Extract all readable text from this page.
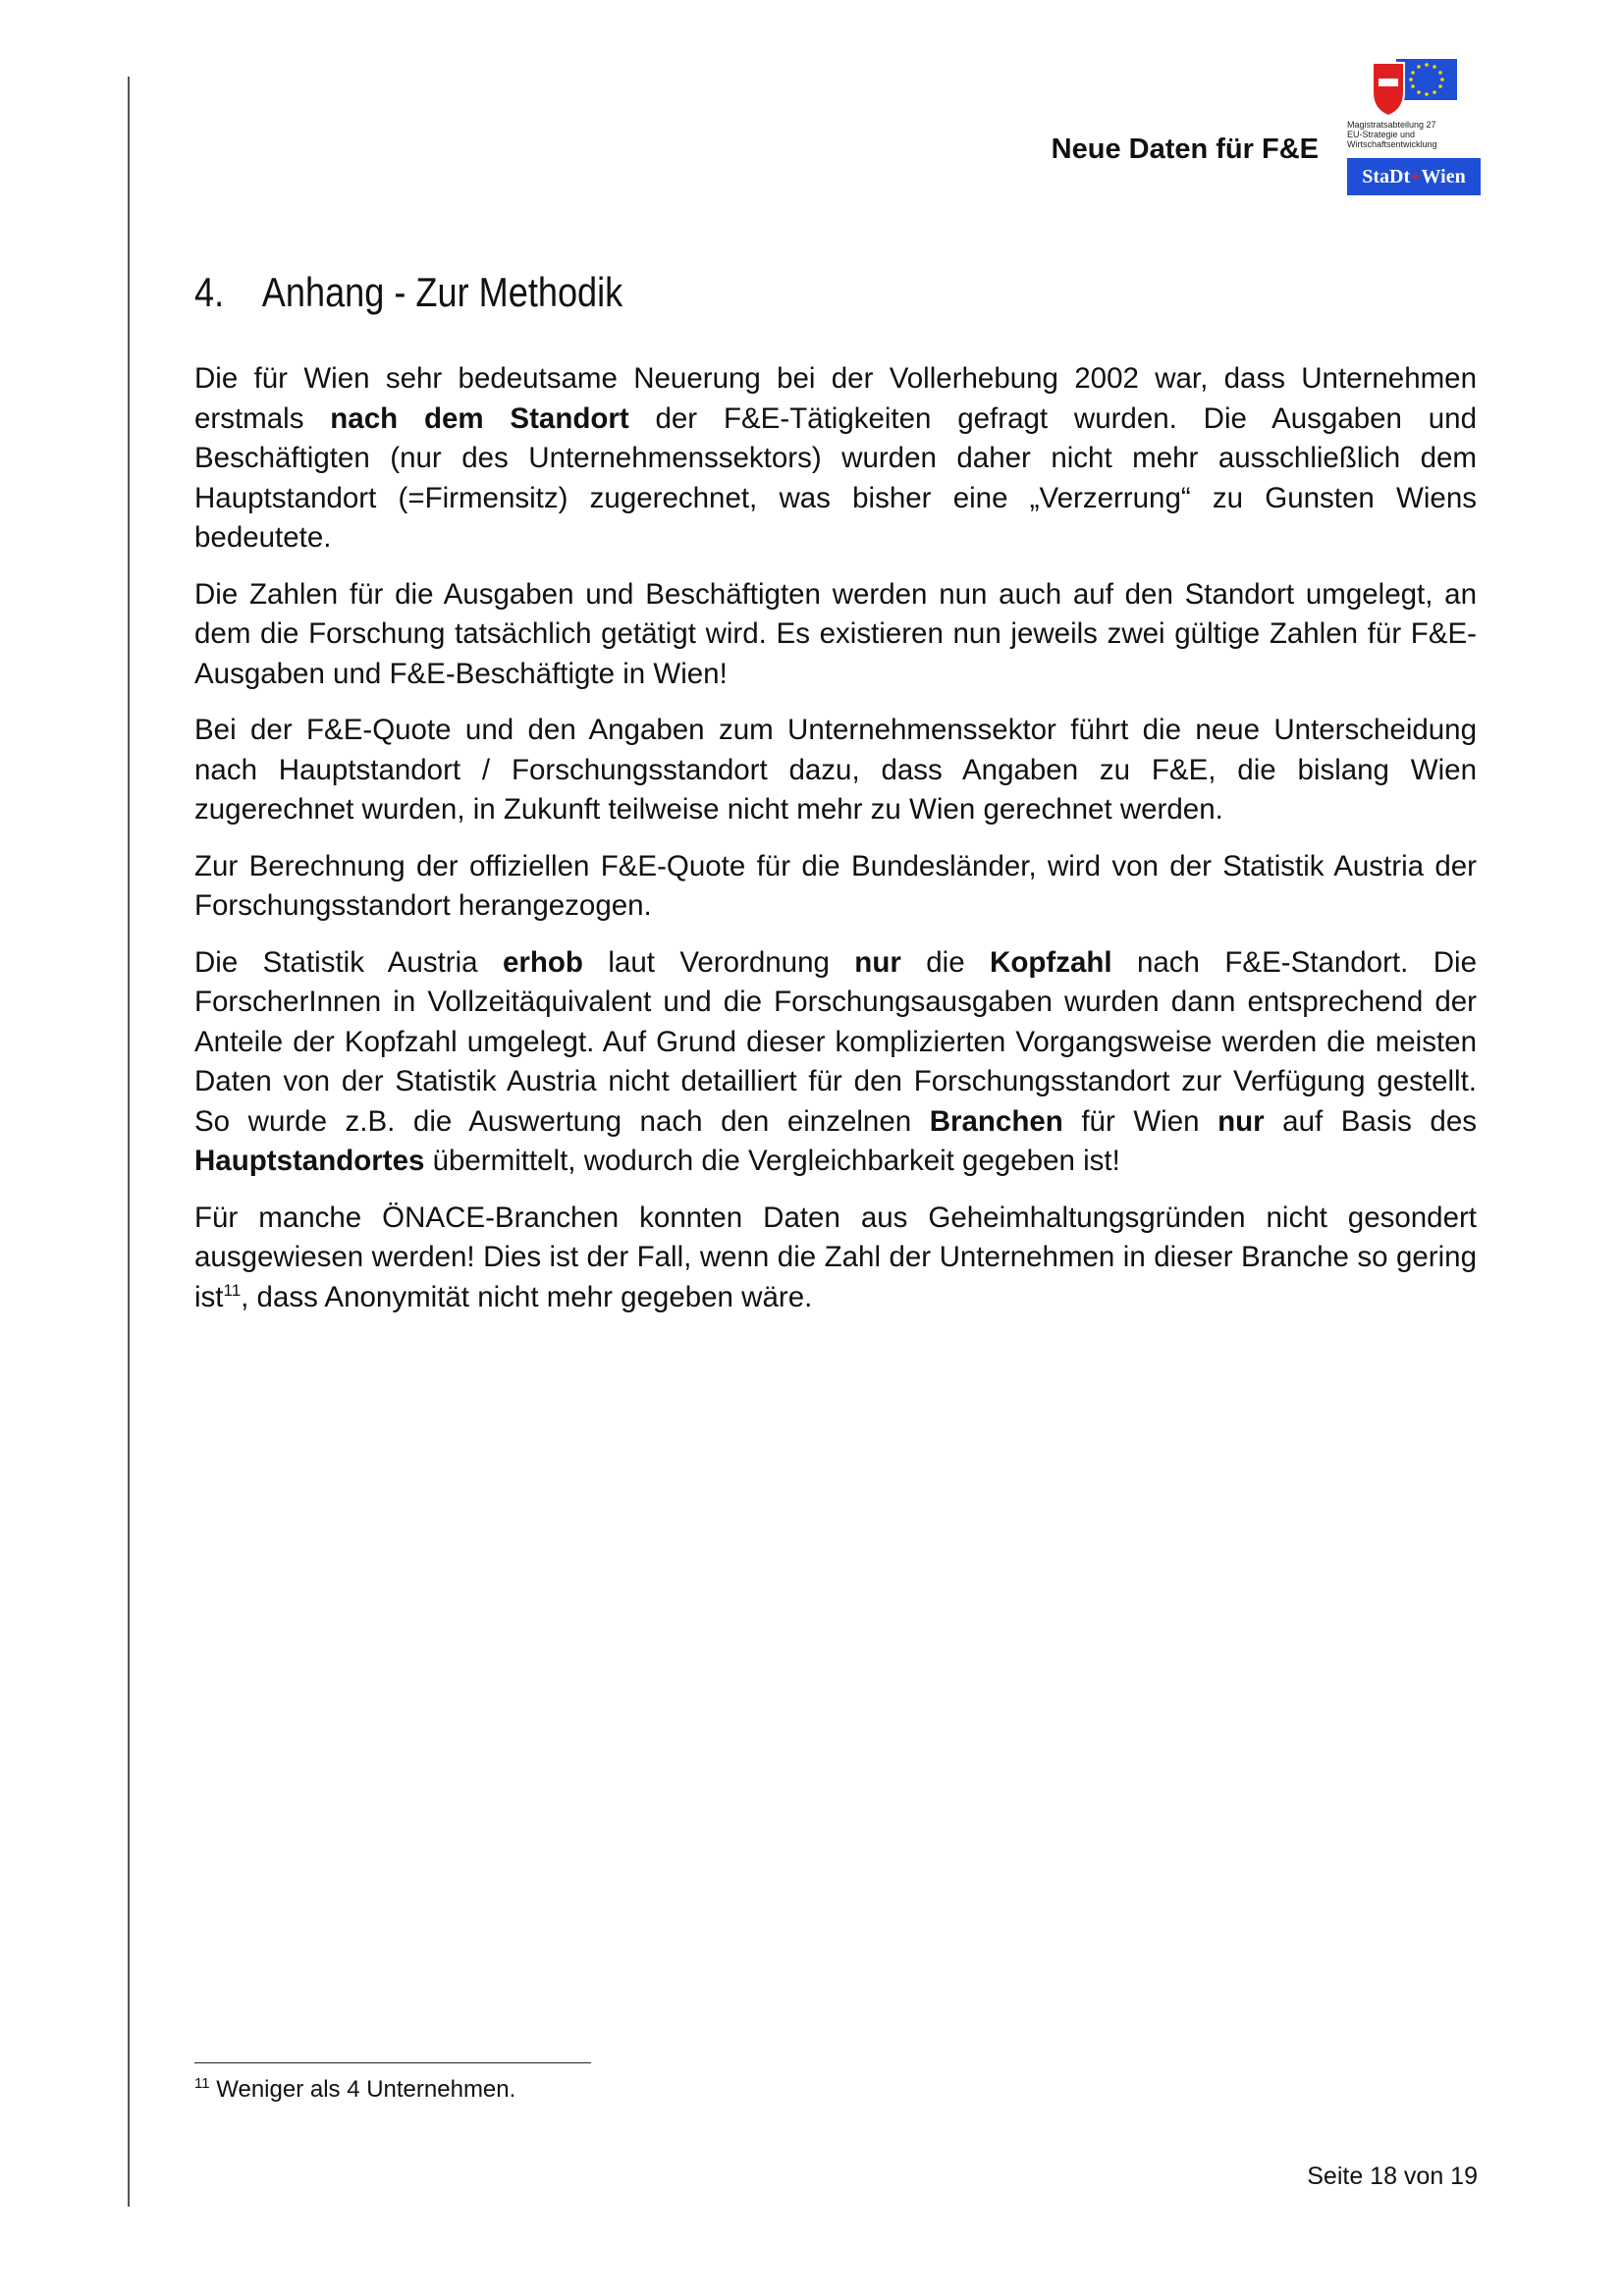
Neue Daten für F&E
Magistratsabteilung 27
EU-Strategie und
Wirtschaftsentwicklung
StaDt+Wien
4. Anhang - Zur Methodik

Die für Wien sehr bedeutsame Neuerung bei der Vollerhebung 2002 war, dass Unternehmen erstmals nach dem Standort der F&E-Tätigkeiten gefragt wurden. Die Ausgaben und Beschäftigten (nur des Unternehmenssektors) wurden daher nicht mehr ausschließlich dem Hauptstandort (=Firmensitz) zugerechnet, was bisher eine „Verzerrung“ zu Gunsten Wiens bedeutete.

Die Zahlen für die Ausgaben und Beschäftigten werden nun auch auf den Standort umgelegt, an dem die Forschung tatsächlich getätigt wird. Es existieren nun jeweils zwei gültige Zahlen für F&E-Ausgaben und F&E-Beschäftigte in Wien!

Bei der F&E-Quote und den Angaben zum Unternehmenssektor führt die neue Unterscheidung nach Hauptstandort / Forschungsstandort dazu, dass Angaben zu F&E, die bislang Wien zugerechnet wurden, in Zukunft teilweise nicht mehr zu Wien gerechnet werden.

Zur Berechnung der offiziellen F&E-Quote für die Bundesländer, wird von der Statistik Austria der Forschungsstandort herangezogen.

Die Statistik Austria erhob laut Verordnung nur die Kopfzahl nach F&E-Standort. Die ForscherInnen in Vollzeitäquivalent und die Forschungsausgaben wurden dann entsprechend der Anteile der Kopfzahl umgelegt. Auf Grund dieser komplizierten Vorgangsweise werden die meisten Daten von der Statistik Austria nicht detailliert für den Forschungsstandort zur Verfügung gestellt. So wurde z.B. die Auswertung nach den einzelnen Branchen für Wien nur auf Basis des Hauptstandortes übermittelt, wodurch die Vergleichbarkeit gegeben ist!

Für manche ÖNACE-Branchen konnten Daten aus Geheimhaltungsgründen nicht gesondert ausgewiesen werden! Dies ist der Fall, wenn die Zahl der Unternehmen in dieser Branche so gering ist$^{11}$, dass Anonymität nicht mehr gegeben wäre.

$^{11}$ Weniger als 4 Unternehmen.
Seite 18 von 19
